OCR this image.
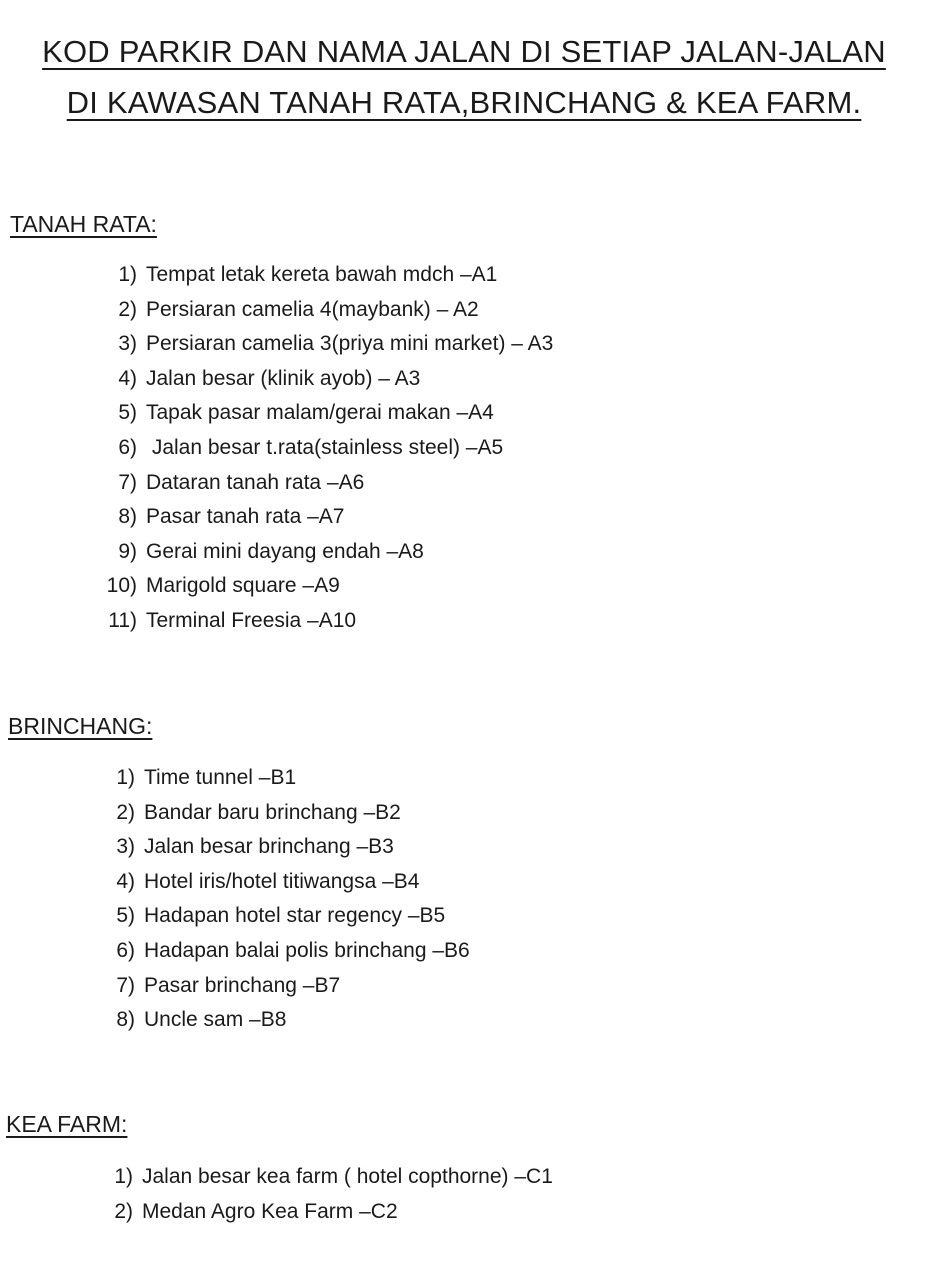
KOD PARKIR DAN NAMA JALAN DI SETIAP JALAN-JALAN
DI KAWASAN TANAH RATA,BRINCHANG & KEA FARM.
TANAH RATA:
1) Tempat letak kereta bawah mdch –A1
2) Persiaran camelia 4(maybank) – A2
3) Persiaran camelia 3(priya mini market) – A3
4) Jalan besar (klinik ayob) – A3
5) Tapak pasar malam/gerai makan –A4
6) Jalan besar t.rata(stainless steel) –A5
7) Dataran tanah rata –A6
8) Pasar tanah rata –A7
9) Gerai mini dayang endah –A8
10) Marigold square –A9
11) Terminal Freesia –A10
BRINCHANG:
1) Time tunnel –B1
2) Bandar baru brinchang –B2
3) Jalan besar brinchang –B3
4) Hotel iris/hotel titiwangsa –B4
5) Hadapan hotel star regency –B5
6) Hadapan balai polis brinchang –B6
7) Pasar brinchang –B7
8) Uncle sam –B8
KEA FARM:
1) Jalan besar kea farm ( hotel copthorne) –C1
2) Medan Agro Kea Farm –C2
